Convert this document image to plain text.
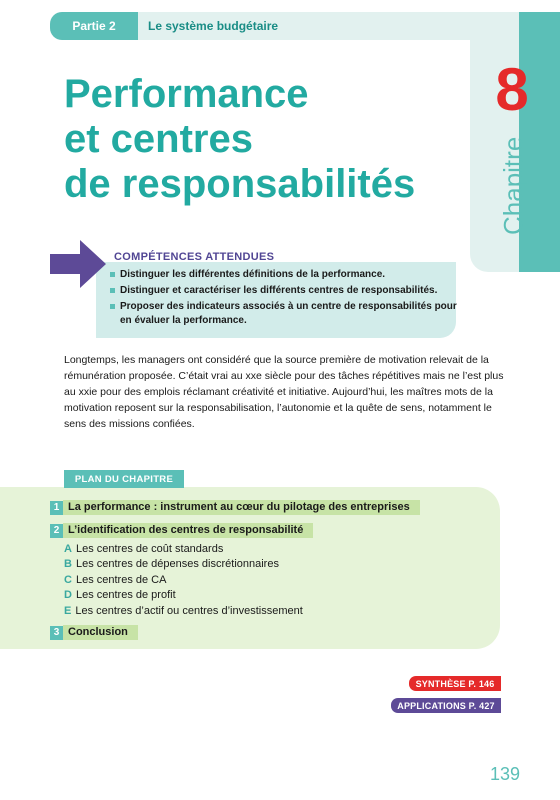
Partie 2	Le système budgétaire
8
Chapitre
Performance
et centres
de responsabilités
COMPÉTENCES ATTENDUES
Distinguer les différentes définitions de la performance.
Distinguer et caractériser les différents centres de responsabilités.
Proposer des indicateurs associés à un centre de responsabilités pour en évaluer la performance.

Longtemps, les managers ont considéré que la source première de motivation relevait de la rémunération proposée. C’était vrai au xxe siècle pour des tâches répétitives mais ne l’est plus au xxie pour des emplois réclamant créativité et initiative. Aujourd’hui, les maîtres mots de la motivation reposent sur la responsabilisation, l’autonomie et la quête de sens, notamment le sens des missions confiées.

PLAN DU CHAPITRE
1 La performance : instrument au cœur du pilotage des entreprises
2 L’identification des centres de responsabilité
A Les centres de coût standards
B Les centres de dépenses discrétionnaires
C Les centres de CA
D Les centres de profit
E Les centres d’actif ou centres d’investissement
3 Conclusion
SYNTHÈSE P. 146
APPLICATIONS P. 427
139
